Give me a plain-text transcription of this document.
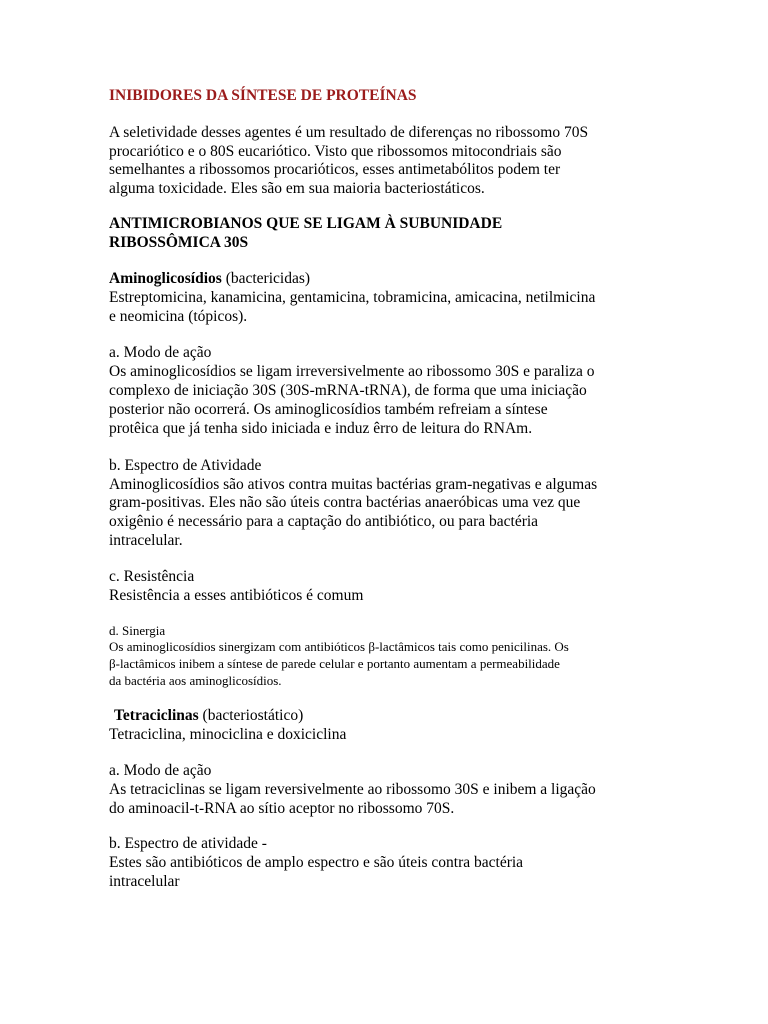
INIBIDORES DA SÍNTESE DE PROTEÍNAS
A seletividade desses agentes é um resultado de diferenças no ribossomo 70S
procariótico e o 80S eucariótico. Visto que ribossomos mitocondriais são
semelhantes a ribossomos procarióticos, esses antimetabólitos podem ter
alguma toxicidade. Eles são em sua maioria bacteriostáticos.
ANTIMICROBIANOS QUE SE LIGAM À SUBUNIDADE
RIBOSSÔMICA 30S
Aminoglicosídios (bactericidas)
Estreptomicina, kanamicina, gentamicina, tobramicina, amicacina, netilmicina
e neomicina (tópicos).
a. Modo de ação
Os aminoglicosídios se ligam irreversivelmente ao ribossomo 30S e paraliza o
complexo de iniciação 30S (30S-mRNA-tRNA), de forma que uma iniciação
posterior não ocorrerá. Os aminoglicosídios também refreiam a síntese
protêica que já tenha sido iniciada e induz êrro de leitura do RNAm.
b. Espectro de Atividade
Aminoglicosídios são ativos contra muitas bactérias gram-negativas e algumas
gram-positivas. Eles não são úteis contra bactérias anaeróbicas uma vez que
oxigênio é necessário para a captação do antibiótico, ou para bactéria
intracelular.
c. Resistência
Resistência a esses antibióticos é comum
d. Sinergia
Os aminoglicosídios sinergizam com antibióticos β-lactâmicos tais como penicilinas. Os
β-lactâmicos inibem a síntese de parede celular e portanto aumentam a permeabilidade
da bactéria aos aminoglicosídios.
Tetraciclinas (bacteriostático)
Tetraciclina, minociclina e doxiciclina
a. Modo de ação
As tetraciclinas se ligam reversivelmente ao ribossomo 30S e inibem a ligação
do aminoacil-t-RNA ao sítio aceptor no ribossomo 70S.
b. Espectro de atividade -
Estes são antibióticos de amplo espectro e são úteis contra bactéria
intracelular
